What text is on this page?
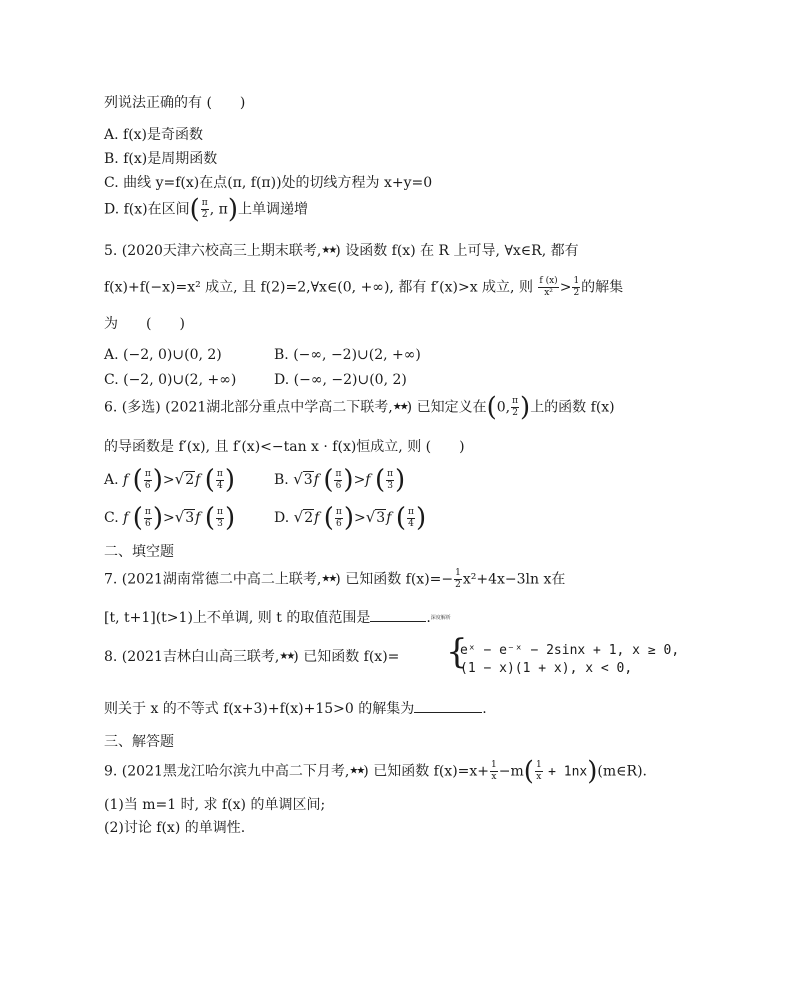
列说法正确的有 (　　)
A. f(x)是奇函数
B. f(x)是周期函数
C. 曲线 y=f(x)在点(π, f(π))处的切线方程为 x+y=0
D. f(x)在区间( $\frac{\pi}{2}$ , π)上单调递增
5. (2020天津六校高三上期末联考,★★) 设函数 f(x) 在 R 上可导, ∀x∈R, 都有
f(x)+f(−x)=x² 成立, 且 f(2)=2,∀x∈(0, +∞), 都有 f′(x)>x 成立, 则 $\frac{f (x)}{\text{x²}} > \frac{1}{2}$ 的解集
为　　(　　)
A. (−2, 0)∪(0, 2)	B. (−∞, −2)∪(2, +∞)
C. (−2, 0)∪(2, +∞)	D. (−∞, −2)∪(0, 2)
6. (多选) (2021湖北部分重点中学高二下联考,★★) 已知定义在(0, $\frac{\pi}{2}$ )上的函数 f(x)
的导函数是 f′(x), 且 f′(x)<−tan x · f(x)恒成立, 则 (　　)
A. f ( $\frac{\pi}{6} )>√2f$ ( $\frac{\pi}{4}$ )	B. √3f ( $\frac{\pi}{6} )>f$ ( $\frac{\pi}{3}$ )
C. f ( $\frac{\pi}{6} )>√3f$ ( $\frac{\pi}{3}$ )	D. √2f ( $\frac{\pi}{6} )>√3f$ ( $\frac{\pi}{4}$ )
二、填空题
7. (2021湖南常德二中高二上联考,★★) 已知函数 $f(x)=- \frac{1}{2} x^2+4x-3\ln$ x在
[t, t+1](t>1)上不单调, 则 t 的取值范围是	.深度解析
8. (2021吉林白山高三联考,★★) 已知函数 f(x)= {
eˣ − e⁻ˣ − 2sinx + 1, x ≥ 0,
(1 − x)(1 + x), x < 0,
则关于 x 的不等式 f(x+3)+f(x)+15>0 的解集为	.
三、解答题
9. (2021黑龙江哈尔滨九中高二下月考,★★) 已知函数 $f(x)=x+ \frac{1}{x} -m( \frac{1}{x}$ + 1nx)(m∈R).
(1)当 m=1 时, 求 f(x) 的单调区间;
(2)讨论 f(x) 的单调性.
